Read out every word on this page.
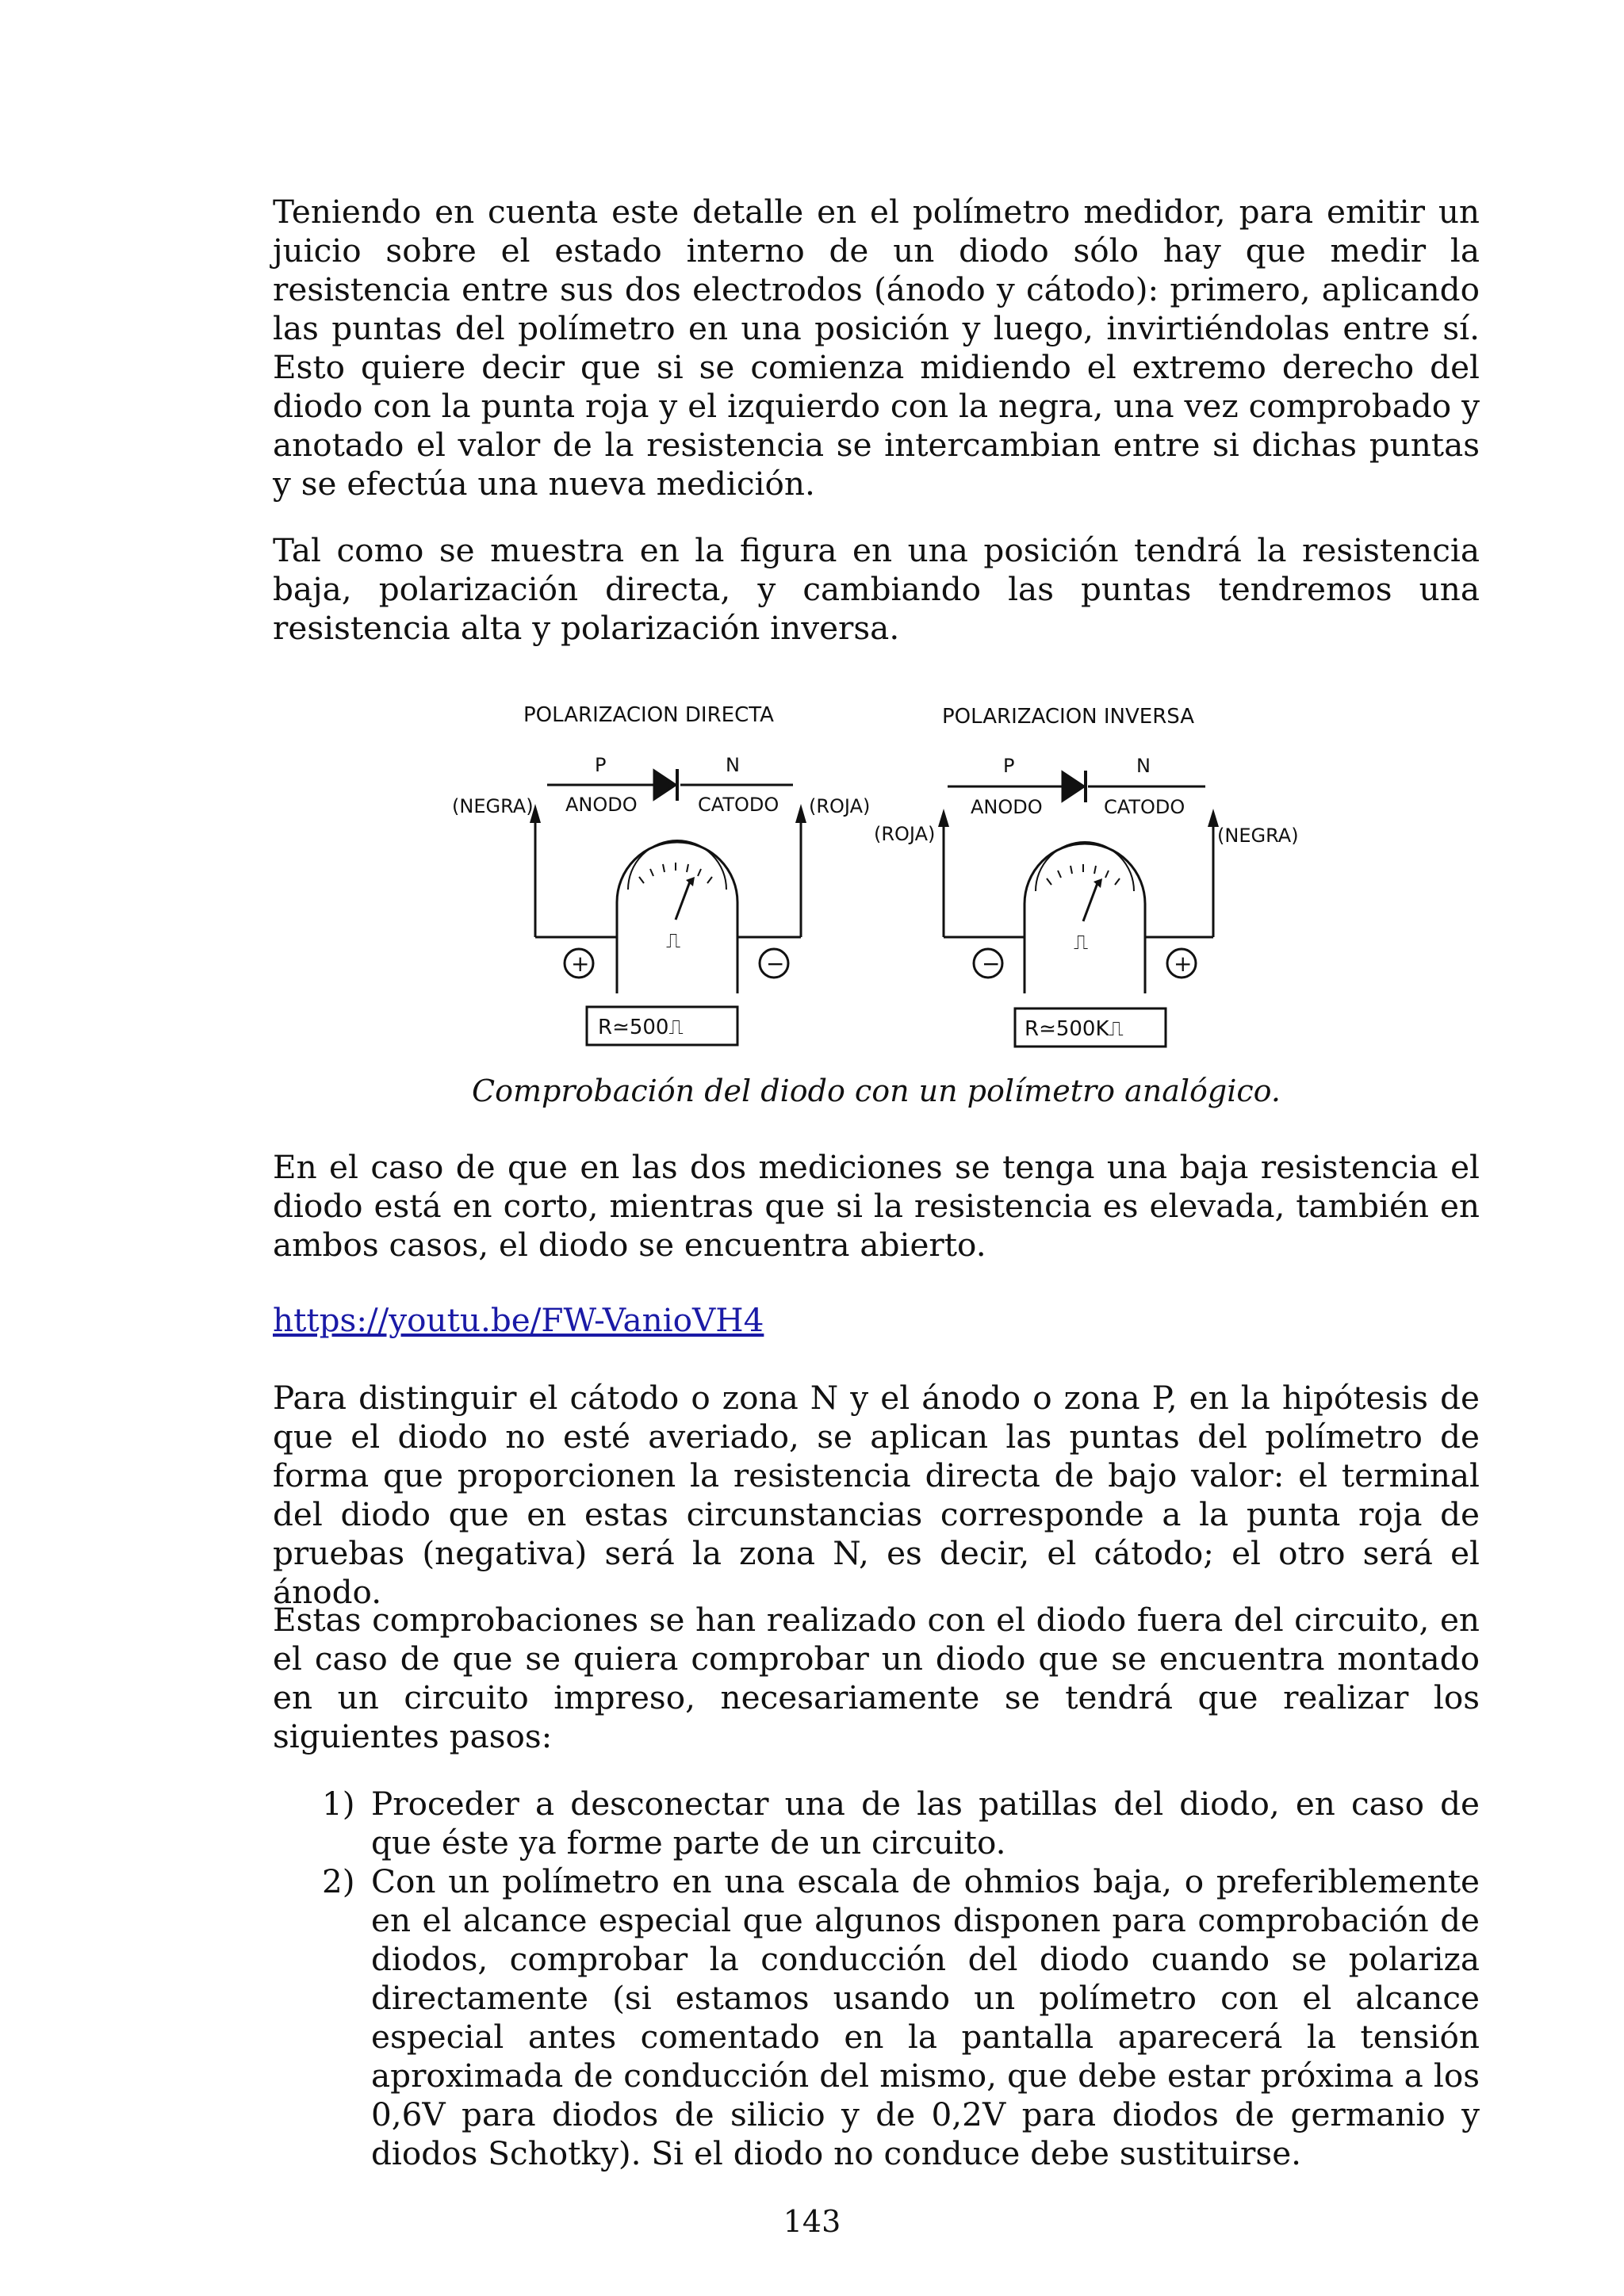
Teniendo en cuenta este detalle en el polímetro medidor, para emitir un juicio sobre el estado interno de un diodo sólo hay que medir la resistencia entre sus dos electrodos (ánodo y cátodo): primero, aplicando las puntas del polímetro en una posición y luego, invirtiéndolas entre sí. Esto quiere decir que si se comienza midiendo el extremo derecho del diodo con la punta roja y el izquierdo con la negra, una vez comprobado y anotado el valor de la resistencia se intercambian entre si dichas puntas y se efectúa una nueva medición.

Tal como se muestra en la figura en una posición tendrá la resistencia baja, polarización directa, y cambiando las puntas tendremos una resistencia alta y polarización inversa.

POLARIZACION DIRECTA
P	N
ANODO	CATODO
(NEGRA)	(ROJA)
+	−
⎍
R≃500⎍
POLARIZACION INVERSA
P	N
ANODO	CATODO
(ROJA)	(NEGRA)
−	+
⎍
R≃500K⎍
Comprobación del diodo con un polímetro analógico.

En el caso de que en las dos mediciones se tenga una baja resistencia el diodo está en corto, mientras que si la resistencia es elevada, también en ambos casos, el diodo se encuentra abierto.

https://youtu.be/FW-VanioVH4

Para distinguir el cátodo o zona N y el ánodo o zona P, en la hipótesis de que el diodo no esté averiado, se aplican las puntas del polímetro de forma que proporcionen la resistencia directa de bajo valor: el terminal del diodo que en estas circunstancias corresponde a la punta roja de pruebas (negativa) será la zona N, es decir, el cátodo; el otro será el ánodo.

Estas comprobaciones se han realizado con el diodo fuera del circuito, en el caso de que se quiera comprobar un diodo que se encuentra montado en un circuito impreso, necesariamente se tendrá que realizar los siguientes pasos:

1) Proceder a desconectar una de las patillas del diodo, en caso de que éste ya forme parte de un circuito.
2) Con un polímetro en una escala de ohmios baja, o preferiblemente en el alcance especial que algunos disponen para comprobación de diodos, comprobar la conducción del diodo cuando se polariza directamente (si estamos usando un polímetro con el alcance especial antes comentado en la pantalla aparecerá la tensión aproximada de conducción del mismo, que debe estar próxima a los 0,6V para diodos de silicio y de 0,2V para diodos de germanio y diodos Schotky). Si el diodo no conduce debe sustituirse.
143
